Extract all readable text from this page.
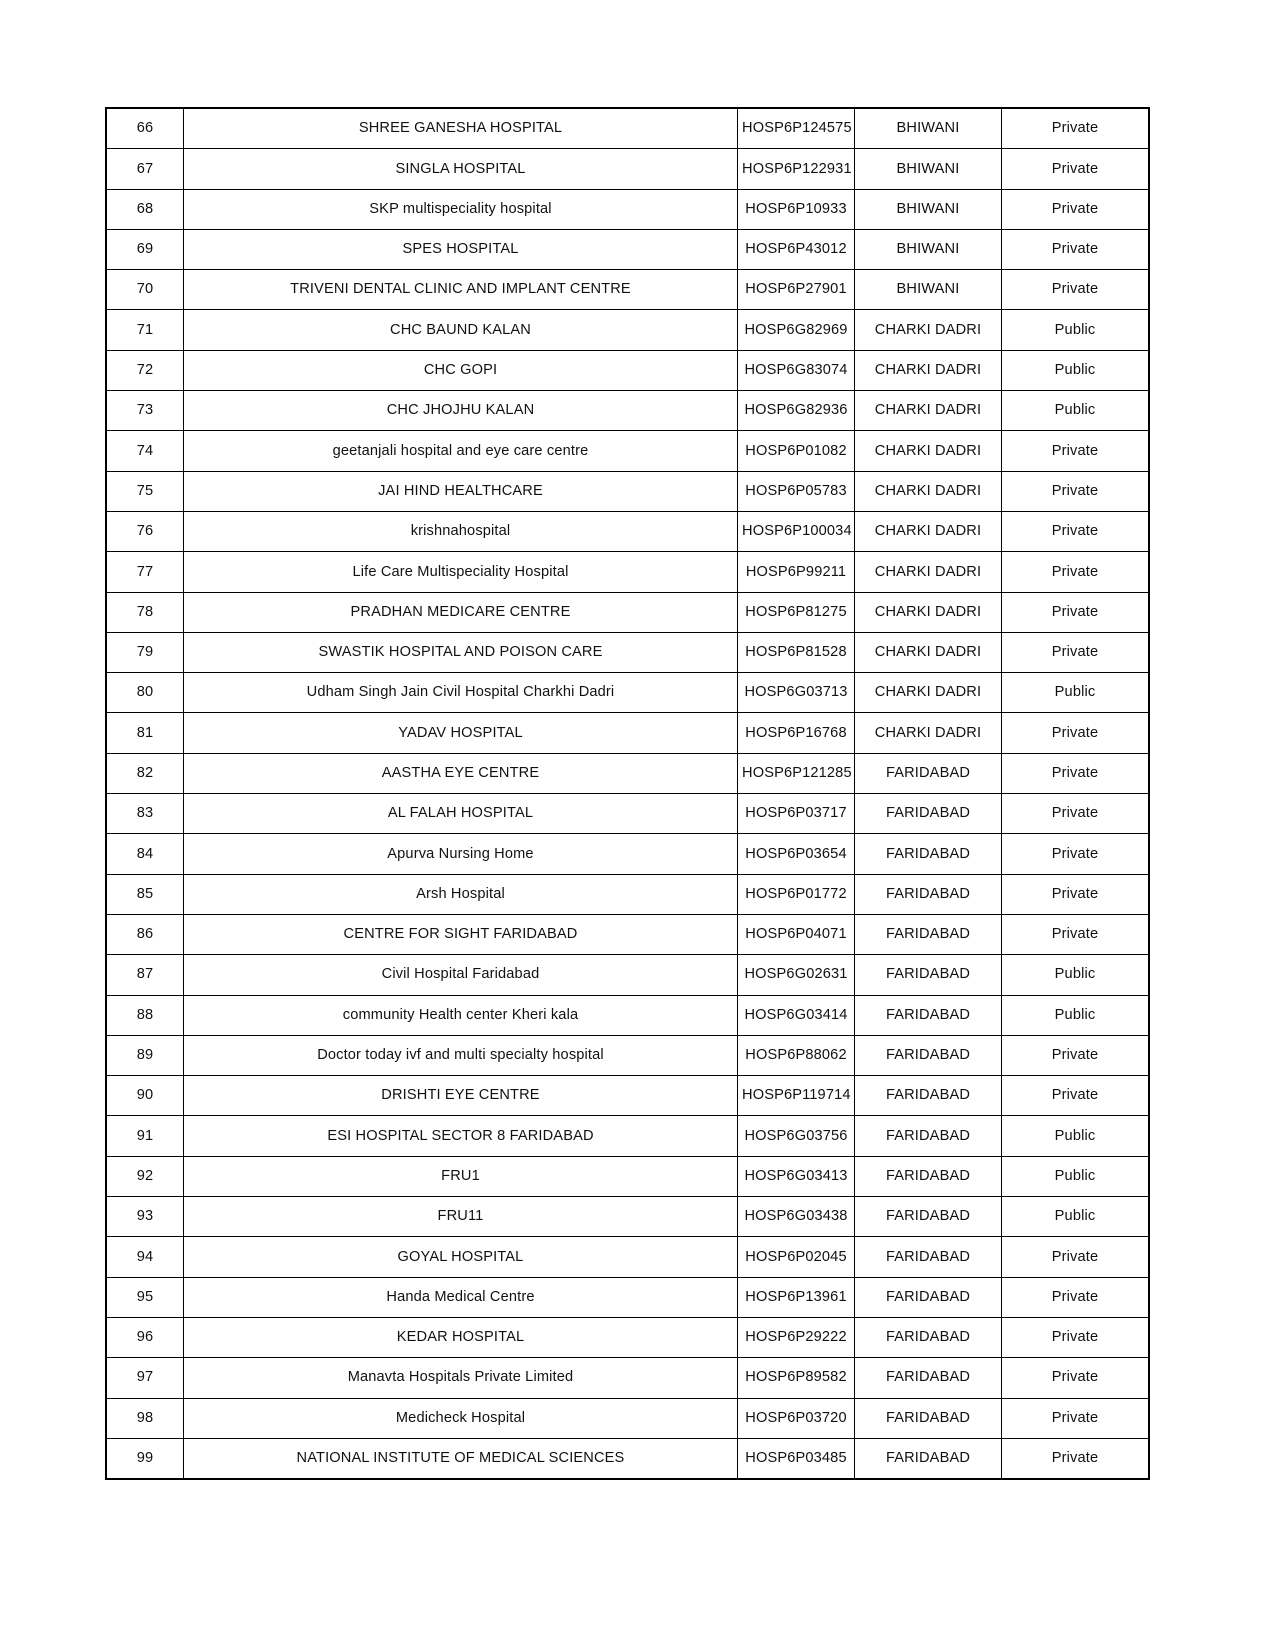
66	SHREE GANESHA HOSPITAL	HOSP6P124575	BHIWANI	Private
67	SINGLA HOSPITAL	HOSP6P122931	BHIWANI	Private
68	SKP multispeciality hospital	HOSP6P10933	BHIWANI	Private
69	SPES HOSPITAL	HOSP6P43012	BHIWANI	Private
70	TRIVENI DENTAL CLINIC AND IMPLANT CENTRE	HOSP6P27901	BHIWANI	Private
71	CHC BAUND KALAN	HOSP6G82969	CHARKI DADRI	Public
72	CHC GOPI	HOSP6G83074	CHARKI DADRI	Public
73	CHC JHOJHU KALAN	HOSP6G82936	CHARKI DADRI	Public
74	geetanjali hospital and eye care centre	HOSP6P01082	CHARKI DADRI	Private
75	JAI HIND HEALTHCARE	HOSP6P05783	CHARKI DADRI	Private
76	krishnahospital	HOSP6P100034	CHARKI DADRI	Private
77	Life Care Multispeciality Hospital	HOSP6P99211	CHARKI DADRI	Private
78	PRADHAN MEDICARE CENTRE	HOSP6P81275	CHARKI DADRI	Private
79	SWASTIK HOSPITAL AND POISON CARE	HOSP6P81528	CHARKI DADRI	Private
80	Udham Singh Jain Civil Hospital Charkhi Dadri	HOSP6G03713	CHARKI DADRI	Public
81	YADAV HOSPITAL	HOSP6P16768	CHARKI DADRI	Private
82	AASTHA EYE CENTRE	HOSP6P121285	FARIDABAD	Private
83	AL FALAH HOSPITAL	HOSP6P03717	FARIDABAD	Private
84	Apurva Nursing Home	HOSP6P03654	FARIDABAD	Private
85	Arsh Hospital	HOSP6P01772	FARIDABAD	Private
86	CENTRE FOR SIGHT FARIDABAD	HOSP6P04071	FARIDABAD	Private
87	Civil Hospital Faridabad	HOSP6G02631	FARIDABAD	Public
88	community Health center Kheri kala	HOSP6G03414	FARIDABAD	Public
89	Doctor today ivf and multi specialty hospital	HOSP6P88062	FARIDABAD	Private
90	DRISHTI EYE CENTRE	HOSP6P119714	FARIDABAD	Private
91	ESI HOSPITAL SECTOR 8 FARIDABAD	HOSP6G03756	FARIDABAD	Public
92	FRU1	HOSP6G03413	FARIDABAD	Public
93	FRU11	HOSP6G03438	FARIDABAD	Public
94	GOYAL HOSPITAL	HOSP6P02045	FARIDABAD	Private
95	Handa Medical Centre	HOSP6P13961	FARIDABAD	Private
96	KEDAR HOSPITAL	HOSP6P29222	FARIDABAD	Private
97	Manavta Hospitals Private Limited	HOSP6P89582	FARIDABAD	Private
98	Medicheck Hospital	HOSP6P03720	FARIDABAD	Private
99	NATIONAL INSTITUTE OF MEDICAL SCIENCES	HOSP6P03485	FARIDABAD	Private
